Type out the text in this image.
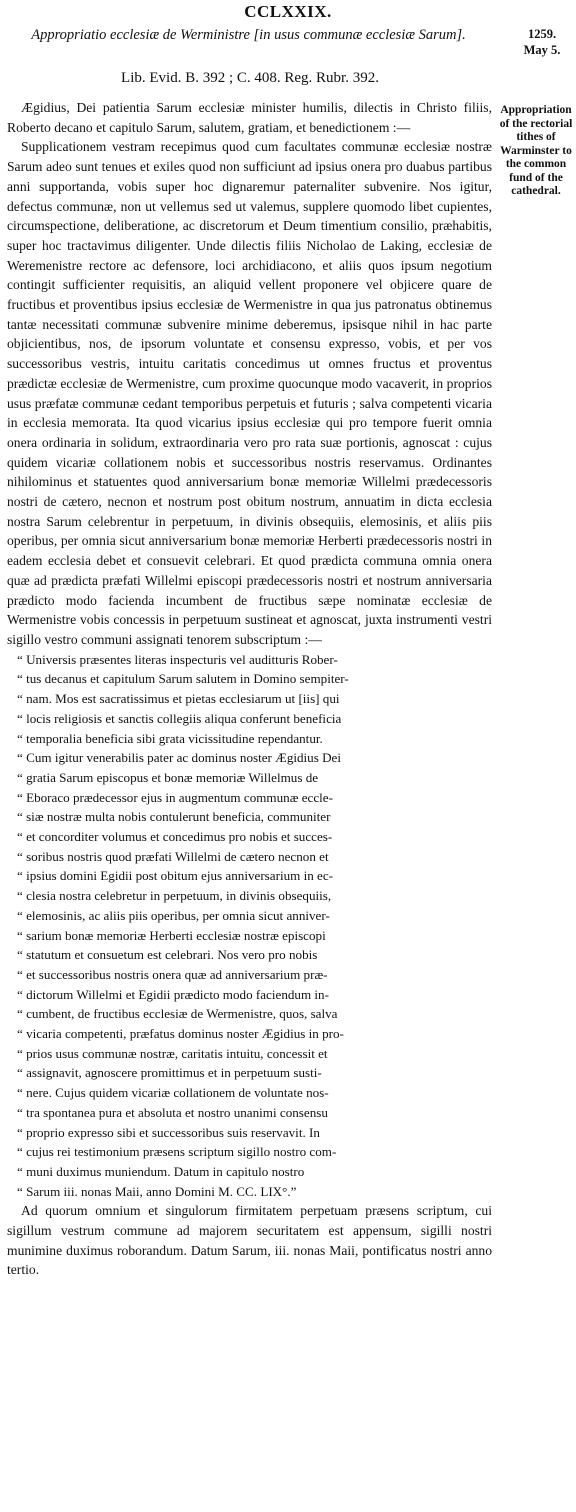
CCLXXIX.
Appropriatio ecclesiæ de Werministre [in usus communæ ecclesiæ Sarum].	1259.
May 5.
Lib. Evid. B. 392 ; C. 408. Reg. Rubr. 392.
Appropriation of the rectorial tithes of Warminster to the common fund of the cathedral.

Ægidius, Dei patientia Sarum ecclesiæ minister humilis, dilectis in Christo filiis, Roberto decano et capitulo Sarum, salutem, gratiam, et benedictionem :—

Supplicationem vestram recepimus quod cum facultates communæ ecclesiæ nostræ Sarum adeo sunt tenues et exiles quod non sufficiunt ad ipsius onera pro duabus partibus anni supportanda, vobis super hoc dignaremur paternaliter subvenire. Nos igitur, defectus communæ, non ut vellemus sed ut valemus, supplere quomodo libet cupientes, circumspectione, deliberatione, ac discretorum et Deum timentium consilio, præhabitis, super hoc tractavimus diligenter. Unde dilectis filiis Nicholao de Laking, ecclesiæ de Weremenistre rectore ac defensore, loci archidiacono, et aliis quos ipsum negotium contingit sufficienter requisitis, an aliquid vellent proponere vel objicere quare de fructibus et proventibus ipsius ecclesiæ de Wermenistre in qua jus patronatus obtinemus tantæ necessitati communæ subvenire minime deberemus, ipsisque nihil in hac parte objicientibus, nos, de ipsorum voluntate et consensu expresso, vobis, et per vos successoribus vestris, intuitu caritatis concedimus ut omnes fructus et proventus prædictæ ecclesiæ de Wermenistre, cum proxime quocunque modo vacaverit, in proprios usus præfatæ communæ cedant temporibus perpetuis et futuris ; salva competenti vicaria in ecclesia memorata. Ita quod vicarius ipsius ecclesiæ qui pro tempore fuerit omnia onera ordinaria in solidum, extraordinaria vero pro rata suæ portionis, agnoscat : cujus quidem vicariæ collationem nobis et successoribus nostris reservamus. Ordinantes nihilominus et statuentes quod anniversarium bonæ memoriæ Willelmi prædecessoris nostri de cætero, necnon et nostrum post obitum nostrum, annuatim in dicta ecclesia nostra Sarum celebrentur in perpetuum, in divinis obsequiis, elemosinis, et aliis piis operibus, per omnia sicut anniversarium bonæ memoriæ Herberti prædecessoris nostri in eadem ecclesia debet et consuevit celebrari. Et quod prædicta communa omnia onera quæ ad prædicta præfati Willelmi episcopi prædecessoris nostri et nostrum anniversaria prædicto modo facienda incumbent de fructibus sæpe nominatæ ecclesiæ de Wermenistre vobis concessis in perpetuum sustineat et agnoscat, juxta instrumenti vestri sigillo vestro communi assignati tenorem subscriptum :—

“ Universis præsentes literas inspecturis vel auditturis Rober-
“ tus decanus et capitulum Sarum salutem in Domino sempiter-
“ nam. Mos est sacratissimus et pietas ecclesiarum ut [iis] qui
“ locis religiosis et sanctis collegiis aliqua conferunt beneficia
“ temporalia beneficia sibi grata vicissitudine rependantur.
“ Cum igitur venerabilis pater ac dominus noster Ægidius Dei
“ gratia Sarum episcopus et bonæ memoriæ Willelmus de
“ Eboraco prædecessor ejus in augmentum communæ eccle-
“ siæ nostræ multa nobis contulerunt beneficia, communiter
“ et concorditer volumus et concedimus pro nobis et succes-
“ soribus nostris quod præfati Willelmi de cætero necnon et
“ ipsius domini Egidii post obitum ejus anniversarium in ec-
“ clesia nostra celebretur in perpetuum, in divinis obsequiis,
“ elemosinis, ac aliis piis operibus, per omnia sicut anniver-
“ sarium bonæ memoriæ Herberti ecclesiæ nostræ episcopi
“ statutum et consuetum est celebrari. Nos vero pro nobis
“ et successoribus nostris onera quæ ad anniversarium præ-
“ dictorum Willelmi et Egidii prædicto modo faciendum in-
“ cumbent, de fructibus ecclesiæ de Wermenistre, quos, salva
“ vicaria competenti, præfatus dominus noster Ægidius in pro-
“ prios usus communæ nostræ, caritatis intuitu, concessit et
“ assignavit, agnoscere promittimus et in perpetuum susti-
“ nere. Cujus quidem vicariæ collationem de voluntate nos-
“ tra spontanea pura et absoluta et nostro unanimi consensu
“ proprio expresso sibi et successoribus suis reservavit. In
“ cujus rei testimonium præsens scriptum sigillo nostro com-
“ muni duximus muniendum. Datum in capitulo nostro
“ Sarum iii. nonas Maii, anno Domini M. CC. LIX°.”

Ad quorum omnium et singulorum firmitatem perpetuam præsens scriptum, cui sigillum vestrum commune ad majorem securitatem est appensum, sigilli nostri munimine duximus roborandum. Datum Sarum, iii. nonas Maii, pontificatus nostri anno tertio.
